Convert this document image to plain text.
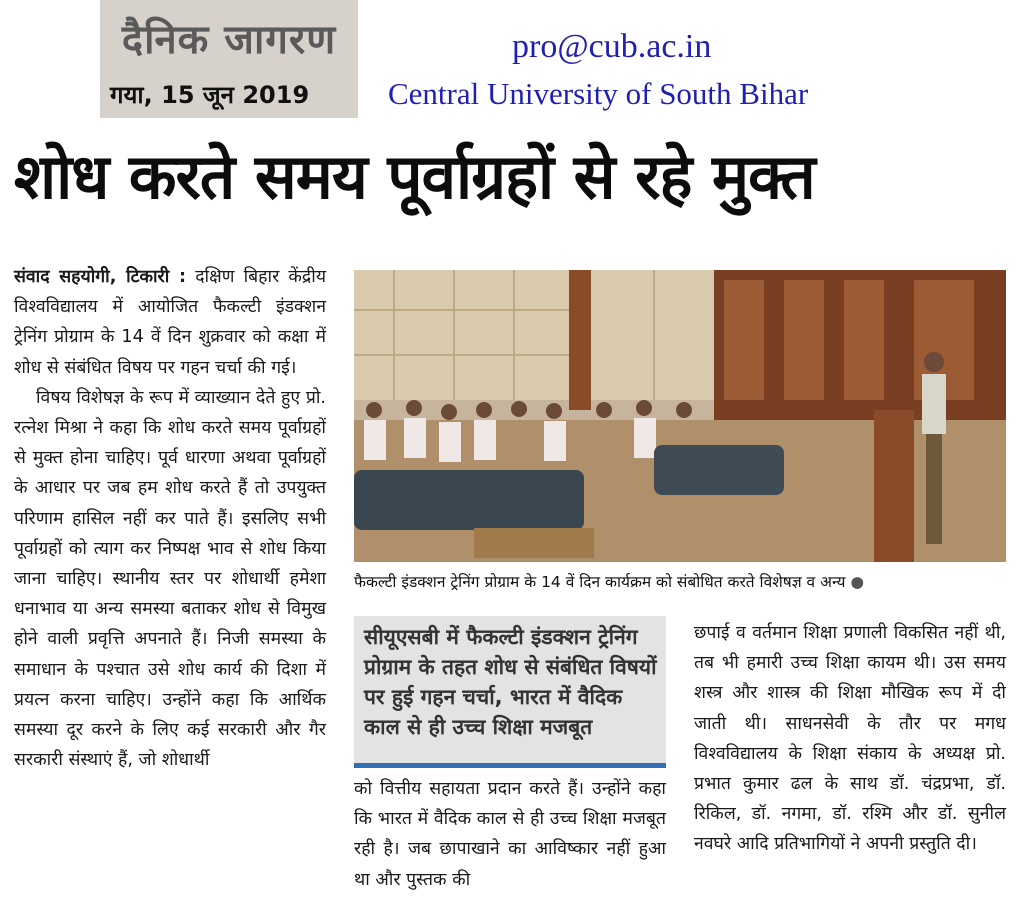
दैनिक जागरण
गया, 15 जून 2019
pro@cub.ac.in
Central University of South Bihar
शोध करते समय पूर्वाग्रहों से रहे मुक्त

संवाद सहयोगी, टिकारी : दक्षिण बिहार केंद्रीय विश्वविद्यालय में आयोजित फैकल्टी इंडक्शन ट्रेनिंग प्रोग्राम के 14 वें दिन शुक्रवार को कक्षा में शोध से संबंधित विषय पर गहन चर्चा की गई।

विषय विशेषज्ञ के रूप में व्याख्यान देते हुए प्रो. रत्नेश मिश्रा ने कहा कि शोध करते समय पूर्वाग्रहों से मुक्त होना चाहिए। पूर्व धारणा अथवा पूर्वाग्रहों के आधार पर जब हम शोध करते हैं तो उपयुक्त परिणाम हासिल नहीं कर पाते हैं। इसलिए सभी पूर्वाग्रहों को त्याग कर निष्पक्ष भाव से शोध किया जाना चाहिए। स्थानीय स्तर पर शोधार्थी हमेशा धनाभाव या अन्य समस्या बताकर शोध से विमुख होने वाली प्रवृत्ति अपनाते हैं। निजी समस्या के समाधान के पश्चात उसे शोध कार्य की दिशा में प्रयत्न करना चाहिए। उन्होंने कहा कि आर्थिक समस्या दूर करने के लिए कई सरकारी और गैर सरकारी संस्थाएं हैं, जो शोधार्थी

फैकल्टी इंडक्शन ट्रेनिंग प्रोग्राम के 14 वें दिन कार्यक्रम को संबोधित करते विशेषज्ञ व अन्य ●
सीयूएसबी में फैकल्टी इंडक्शन ट्रेनिंग प्रोग्राम के तहत शोध से संबंधित विषयों पर हुई गहन चर्चा, भारत में वैदिक काल से ही उच्च शिक्षा मजबूत

को वित्तीय सहायता प्रदान करते हैं। उन्होंने कहा कि भारत में वैदिक काल से ही उच्च शिक्षा मजबूत रही है। जब छापाखाने का आविष्कार नहीं हुआ था और पुस्तक की

छपाई व वर्तमान शिक्षा प्रणाली विकसित नहीं थी, तब भी हमारी उच्च शिक्षा कायम थी। उस समय शस्त्र और शास्त्र की शिक्षा मौखिक रूप में दी जाती थी। साधनसेवी के तौर पर मगध विश्वविद्यालय के शिक्षा संकाय के अध्यक्ष प्रो. प्रभात कुमार ढल के साथ डॉ. चंद्रप्रभा, डॉ. रिकिल, डॉ. नगमा, डॉ. रश्मि और डॉ. सुनील नवघरे आदि प्रतिभागियों ने अपनी प्रस्तुति दी।
